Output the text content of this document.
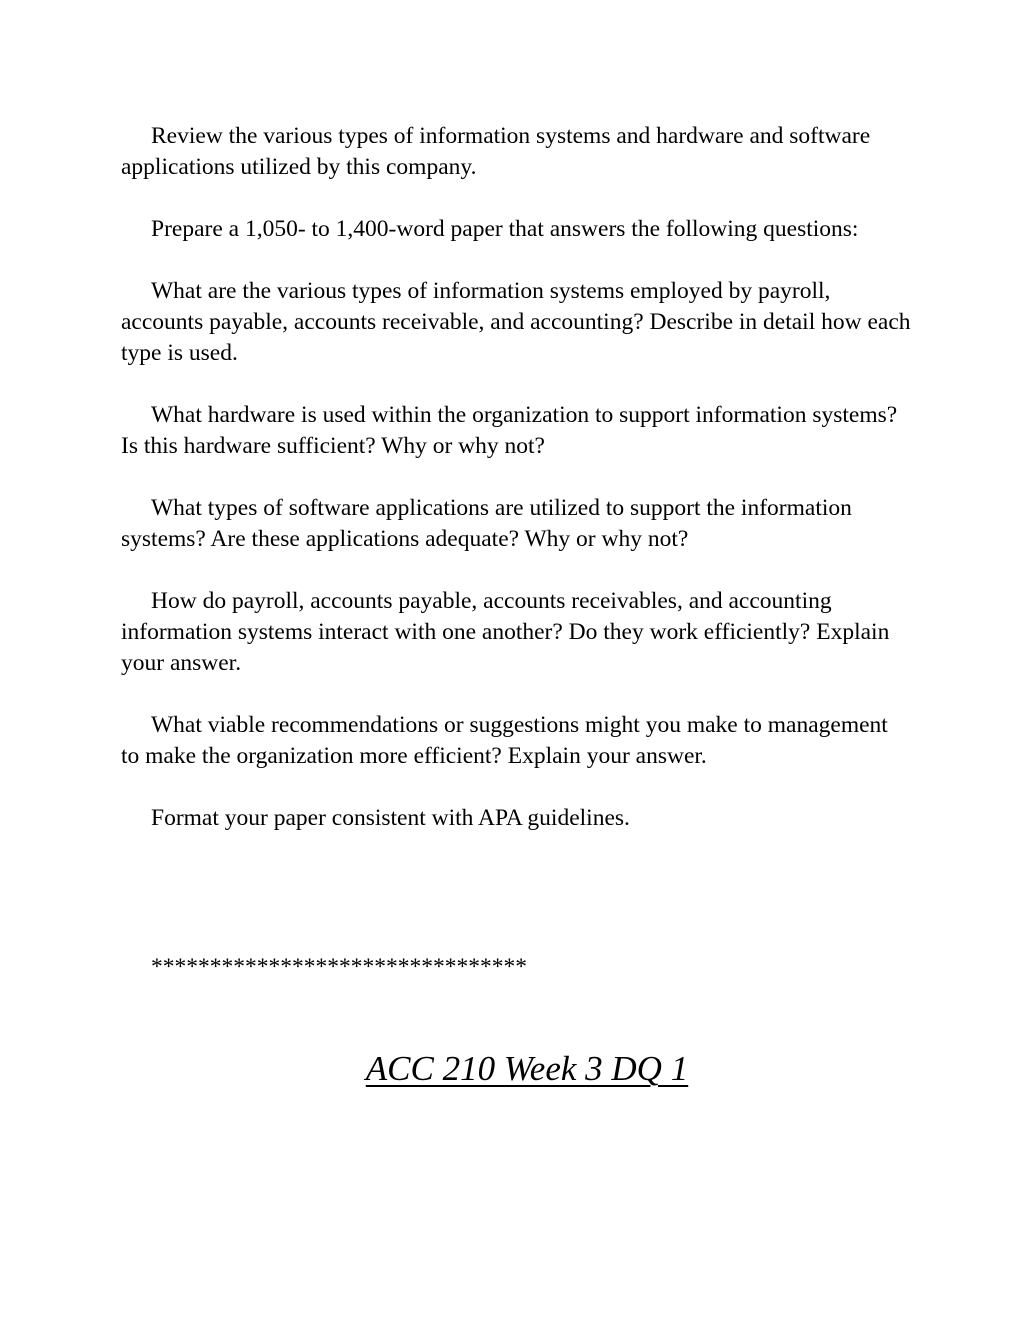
Review the various types of information systems and hardware and software applications utilized by this company.

Prepare a 1,050- to 1,400-word paper that answers the following questions:

What are the various types of information systems employed by payroll, accounts payable, accounts receivable, and accounting? Describe in detail how each type is used.

What hardware is used within the organization to support information systems? Is this hardware sufficient? Why or why not?

What types of software applications are utilized to support the information systems? Are these applications adequate? Why or why not?

How do payroll, accounts payable, accounts receivables, and accounting information systems interact with one another? Do they work efficiently? Explain your answer.

What viable recommendations or suggestions might you make to management to make the organization more efficient? Explain your answer.

Format your paper consistent with APA guidelines.

********************************
ACC 210 Week 3 DQ 1
